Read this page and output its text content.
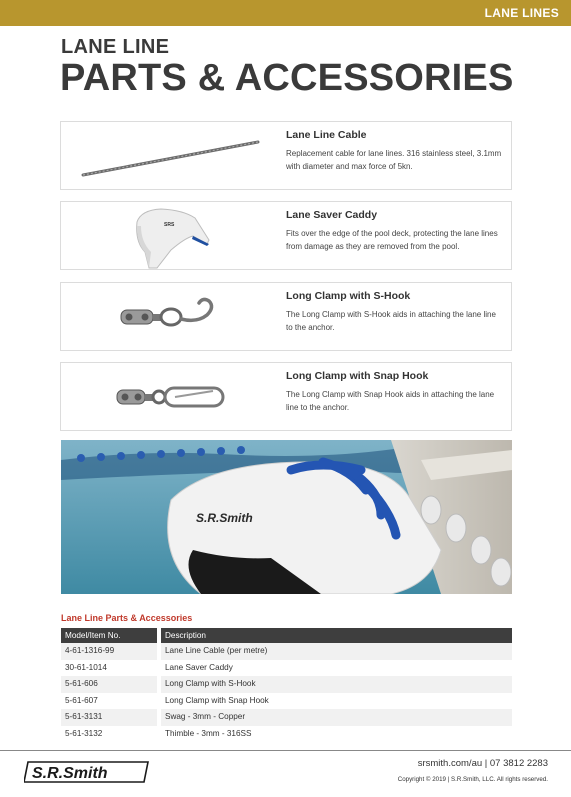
LANE LINES
LANE LINE
PARTS & ACCESSORIES
Lane Line Cable
Replacement cable for lane lines. 316 stainless steel, 3.1mm with diameter and max force of 5kn.
SRS
Lane Saver Caddy
Fits over the edge of the pool deck, protecting the lane lines from damage as they are removed from the pool.
Long Clamp with S-Hook
The Long Clamp with S-Hook aids in attaching the lane line to the anchor.
Long Clamp with Snap Hook
The Long Clamp with Snap Hook aids in attaching the lane line to the anchor.
S.R.Smith
Lane Line Parts & Accessories
Model/Item No.	Description
4-61-1316-99	Lane Line Cable (per metre)
30-61-1014	Lane Saver Caddy
5-61-606	Long Clamp with S-Hook
5-61-607	Long Clamp with Snap Hook
5-61-3131	Swag - 3mm - Copper
5-61-3132	Thimble - 3mm - 316SS
S.R.Smith
srsmith.com/au | 07 3812 2283
Copyright © 2019 | S.R.Smith, LLC. All rights reserved.
